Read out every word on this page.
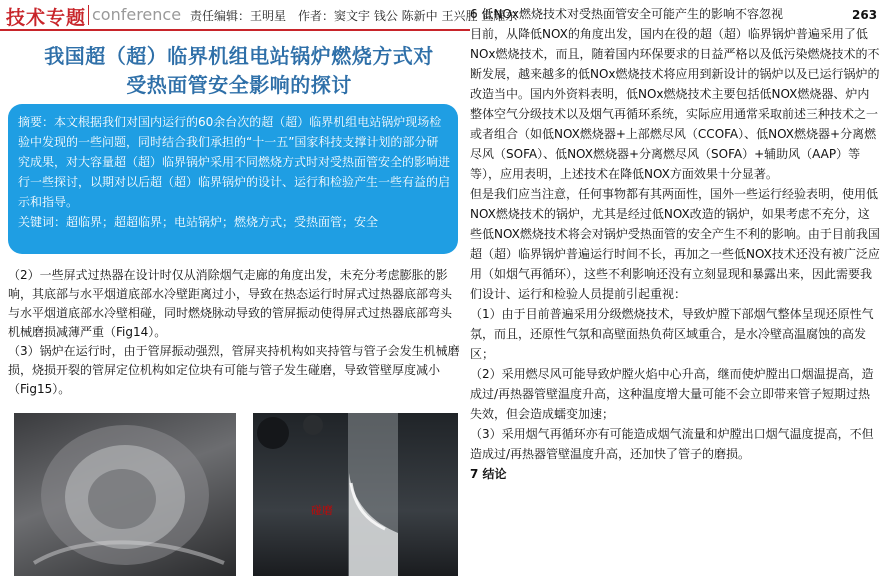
技术专题 conference 责任编辑：王明星　作者：窦文宇 钱公 陈新中 王兴胜 宣耀东	263
我国超（超）临界机组电站锅炉燃烧方式对
受热面管安全影响的探讨
摘要：本文根据我们对国内运行的60余台次的超（超）临界机组电站锅炉现场检验中发现的一些问题，同时结合我们承担的“十一五”国家科技支撑计划的部分研究成果，对大容量超（超）临界锅炉采用不同燃烧方式时对受热面管安全的影响进行一些探讨，以期对以后超（超）临界锅炉的设计、运行和检验产生一些有益的启示和指导。
关键词：超临界；超超临界；电站锅炉；燃烧方式；受热面管；安全

（2）一些屏式过热器在设计时仅从消除烟气走廊的角度出发，未充分考虑膨胀的影响，其底部与水平烟道底部水冷壁距离过小，导致在热态运行时屏式过热器底部弯头与水平烟道底部水冷壁相碰，同时燃烧脉动导致的管屏振动使得屏式过热器底部弯头机械磨损减薄严重（Fig14）。

（3）锅炉在运行时，由于管屏振动强烈，管屏夹持机构如夹持管与管子会发生机械磨损，烧损开裂的管屏定位机构如定位块有可能与管子发生碰磨，导致管壁厚度减小（Fig15）。

碰磨

6 低NOx燃烧技术对受热面管安全可能产生的影响不容忽视

目前，从降低NOX的角度出发，国内在役的超（超）临界锅炉普遍采用了低NOx燃烧技术，而且，随着国内环保要求的日益严格以及低污染燃烧技术的不断发展，越来越多的低NOx燃烧技术将应用到新设计的锅炉以及已运行锅炉的改造当中。国内外资料表明，低NOx燃烧技术主要包括低NOX燃烧器、炉内整体空气分级技术以及烟气再循环系统，实际应用通常采取前述三种技术之一或者组合（如低NOX燃烧器+上部燃尽风（CCOFA）、低NOX燃烧器+分离燃尽风（SOFA）、低NOX燃烧器+分离燃尽风（SOFA）+辅助风（AAP）等等），应用表明，上述技术在降低NOX方面效果十分显著。

但是我们应当注意，任何事物都有其两面性，国外一些运行经验表明，使用低NOX燃烧技术的锅炉，尤其是经过低NOX改造的锅炉，如果考虑不充分，这些低NOX燃烧技术将会对锅炉受热面管的安全产生不利的影响。由于目前我国超（超）临界锅炉普遍运行时间不长，再加之一些低NOX技术还没有被广泛应用（如烟气再循环），这些不利影响还没有立刻显现和暴露出来，因此需要我们设计、运行和检验人员提前引起重视：

（1）由于目前普遍采用分级燃烧技术，导致炉膛下部烟气整体呈现还原性气氛，而且，还原性气氛和高壁面热负荷区域重合，是水冷壁高温腐蚀的高发区；

（2）采用燃尽风可能导致炉膛火焰中心升高，继而使炉膛出口烟温提高，造成过/再热器管壁温度升高，这种温度增大量可能不会立即带来管子短期过热失效，但会造成蠕变加速；

（3）采用烟气再循环亦有可能造成烟气流量和炉膛出口烟气温度提高，不但造成过/再热器管壁温度升高，还加快了管子的磨损。

7 结论
